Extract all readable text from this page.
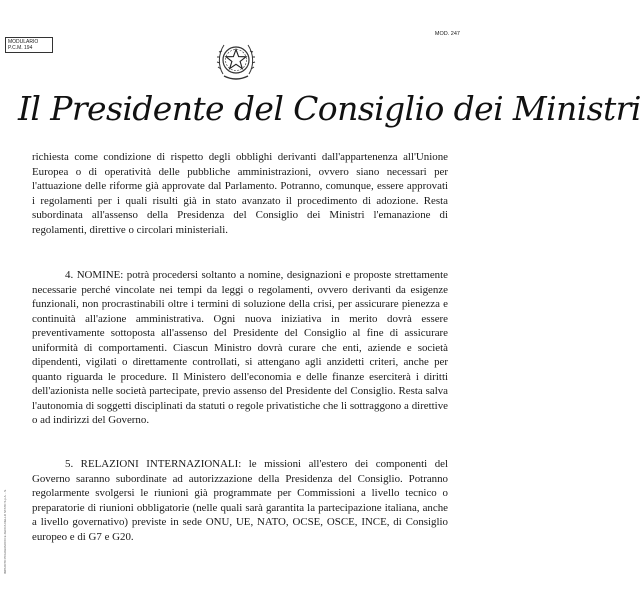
MODULARIO
P.C.M. 194
MOD. 247
Il Presidente del Consiglio dei Ministri

richiesta come condizione di rispetto degli obblighi derivanti dall'appartenenza all'Unione Europea o di operatività delle pubbliche amministrazioni, ovvero siano necessari per l'attuazione delle riforme già approvate dal Parlamento. Potranno, comunque, essere approvati i regolamenti per i quali risulti già in stato avanzato il procedimento di adozione. Resta subordinata all'assenso della Presidenza del Consiglio dei Ministri l'emanazione di regolamenti, direttive o circolari ministeriali.

4. NOMINE: potrà procedersi soltanto a nomine, designazioni e proposte strettamente necessarie perché vincolate nei tempi da leggi o regolamenti, ovvero derivanti da esigenze funzionali, non procrastinabili oltre i termini di soluzione della crisi, per assicurare pienezza e continuità all'azione amministrativa. Ogni nuova iniziativa in merito dovrà essere preventivamente sottoposta all'assenso del Presidente del Consiglio al fine di assicurare uniformità di comportamenti. Ciascun Ministro dovrà curare che enti, aziende e società dipendenti, vigilati o direttamente controllati, si attengano agli anzidetti criteri, anche per quanto riguarda le procedure. Il Ministero dell'economia e delle finanze eserciterà i diritti dell'azionista nelle società partecipate, previo assenso del Presidente del Consiglio. Resta salva l'autonomia di soggetti disciplinati da statuti o regole privatistiche che li sottraggono a direttive o ad indirizzi del Governo.

5. RELAZIONI INTERNAZIONALI: le missioni all'estero dei componenti del Governo saranno subordinate ad autorizzazione della Presidenza del Consiglio. Potranno regolarmente svolgersi le riunioni già programmate per Commissioni a livello tecnico o preparatorie di riunioni obbligatorie (nelle quali sarà garantita la partecipazione italiana, anche a livello governativo) previste in sede ONU, UE, NATO, OCSE, OSCE, INCE, di Consiglio europeo e di G7 e G20.

IMPIANTO POLIGRAFICO E ZECCA DELLO STATO S.p.A. - S.
